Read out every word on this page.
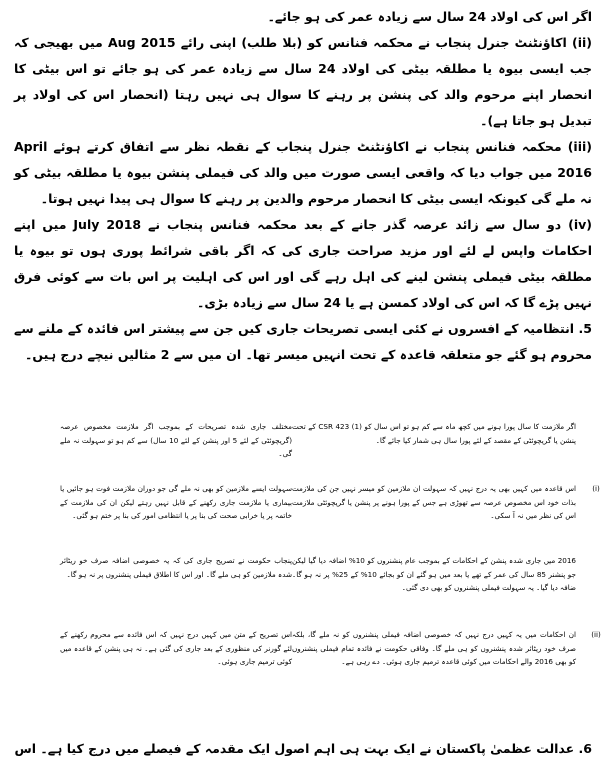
اگر اس کی اولاد 24 سال سے زیادہ عمر کی ہو جائے۔

(ii) اکاؤنٹنٹ جنرل پنجاب نے محکمہ فنانس کو (بلا طلب) اپنی رائے Aug 2015 میں بھیجی کہ جب ایسی بیوہ یا مطلقہ بیٹی کی اولاد 24 سال سے زیادہ عمر کی ہو جائے تو اس بیٹی کا انحصار اپنے مرحوم والد کی پنشن پر رہنے کا سوال ہی نہیں رہتا (انحصار اس کی اولاد پر تبدیل ہو جاتا ہے)۔

(iii) محکمہ فنانس پنجاب نے اکاؤنٹنٹ جنرل پنجاب کے نقطہ نظر سے اتفاق کرتے ہوئے April 2016 میں جواب دیا کہ واقعی ایسی صورت میں والد کی فیملی پنشن بیوہ یا مطلقہ بیٹی کو نہ ملے گی کیونکہ ایسی بیٹی کا انحصار مرحوم والدین پر رہنے کا سوال ہی پیدا نہیں ہوتا۔

(iv) دو سال سے زائد عرصہ گذر جانے کے بعد محکمہ فنانس پنجاب نے July 2018 میں اپنے احکامات واپس لے لئے اور مزید صراحت جاری کی کہ اگر باقی شرائط پوری ہوں تو بیوہ یا مطلقہ بیٹی فیملی پنشن لینے کی اہل رہے گی اور اس کی اہلیت پر اس بات سے کوئی فرق نہیں پڑے گا کہ اس کی اولاد کمسن ہے یا 24 سال سے زیادہ بڑی۔

5. انتظامیہ کے افسروں نے کئی ایسی تصریحات جاری کیں جن سے پیشتر اس فائدہ کے ملنے سے محروم ہو گئے جو متعلقہ قاعدہ کے تحت انہیں میسر تھا۔ ان میں سے 2 مثالیں نیچے درج ہیں۔

اگر ملازمت کا سال پورا ہونے میں کچھ ماہ سے کم ہو تو اس سال کو (1) CSR 423 کے تحت پنشن یا گریچوئٹی کے مقصد کے لئے پورا سال ہی شمار کیا جائے گا۔
مختلف جاری شدہ تصریحات کے بموجب اگر ملازمت مخصوص عرصہ (گریچوئٹی کے لئے 5 اور پنشن کے لئے 10 سال) سے کم ہو تو سہولت نہ ملے گی۔
(i)
اس قاعدہ میں کہیں بھی یہ درج نہیں کہ سہولت ان ملازمین کو میسر نہیں جن کی ملازمت بذات خود اس مخصوص عرصہ سے تھوڑی ہے جس کے پورا ہونے پر پنشن یا گریچوئٹی ملازمت اس کی نظر میں نہ آ سکی۔
سہولت ایسے ملازمین کو بھی نہ ملے گی جو دوران ملازمت فوت ہو جائیں یا بیماری یا ملازمت جاری رکھنے کے قابل نہیں رہتے لیکن ان کی ملازمت کے خاتمہ پر یا خرابی صحت کی بنا پر یا انتظامی امور کی بنا پر ختم ہو گئی۔
2016 میں جاری شدہ پنشن کے احکامات کے بموجب عام پنشنروں کو 10% اضافہ دیا گیا لیکن جو پنشنر 85 سال کی عمر کے تھے یا بعد میں ہو گئے ان کو بجائے 10% کے 25% پر نہ ہو گا۔ ضافہ دیا گیا۔ یہ سہولت فیملی پنشنروں کو بھی دی گئی۔
پنجاب حکومت نے تصریح جاری کی کہ یہ خصوصی اضافہ صرف خو ریٹائر شدہ ملازمین کو ہی ملے گا۔ اور اس کا اطلاق فیملی پنشنروں پر نہ ہو گا۔
(ii)
ان احکامات میں یہ کہیں درج نہیں کہ خصوصی اضافہ فیملی پنشنروں کو نہ ملے گا، بلکہ صرف خود ریٹائر شدہ پنشنروں کو ہی ملے گا۔ وفاقی حکومت نے فائدہ تمام فیملی پنشنروں کو بھی 2016 والے احکامات میں کوئی قاعدہ ترمیم جاری ہوئی۔ دے رہی ہے۔
اس تصریح کے متن میں کہیں درج نہیں کہ اس فائدہ سے محروم رکھنے کے لئے گورنر کی منظوری کے بعد جاری کی گئی ہے۔ نہ ہی پنشن کے قاعدہ میں کوئی ترمیم جاری ہوئی۔
6. عدالت عظمیٰ پاکستان نے ایک بہت ہی اہم اصول ایک مقدمہ کے فیصلے میں درج کیا ہے۔ اس
